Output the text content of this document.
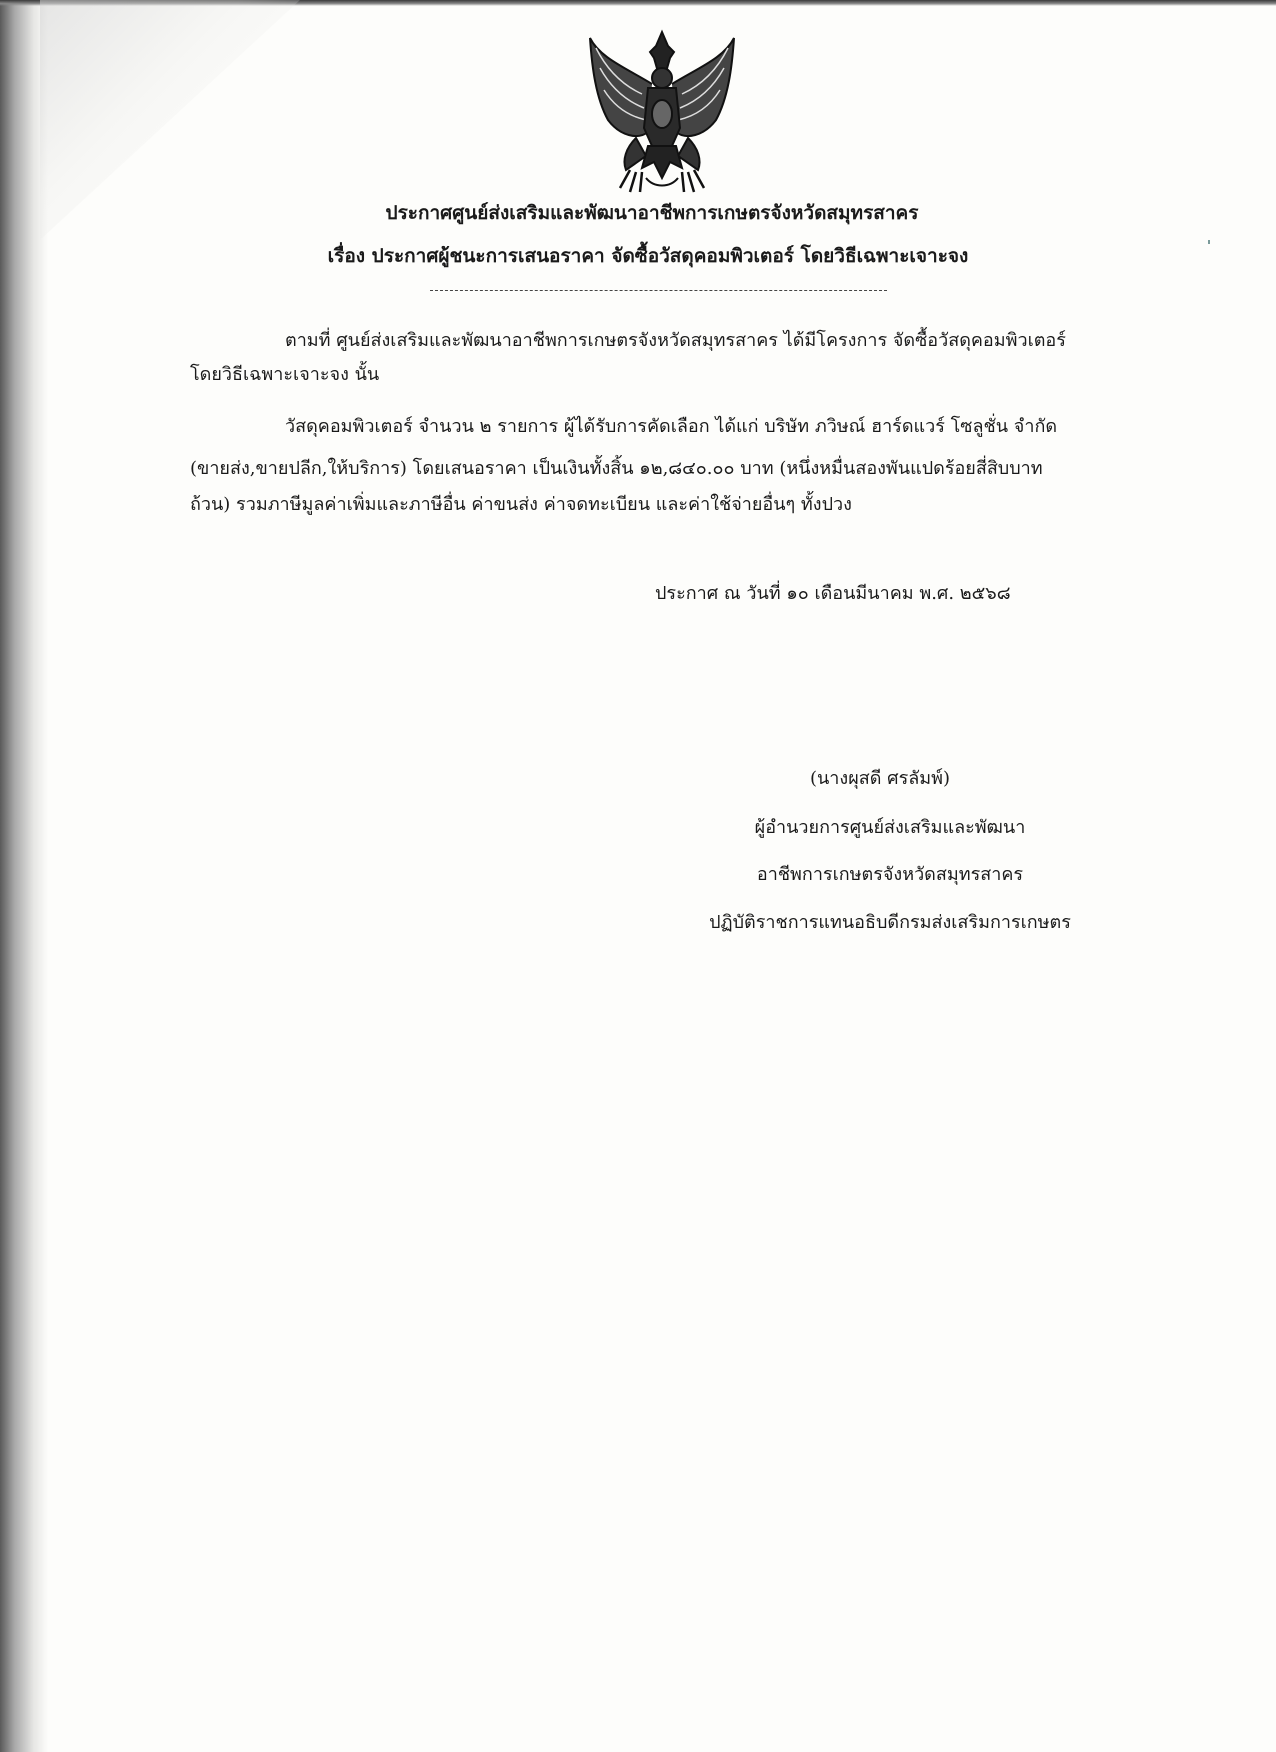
ประกาศศูนย์ส่งเสริมและพัฒนาอาชีพการเกษตรจังหวัดสมุทรสาคร
เรื่อง ประกาศผู้ชนะการเสนอราคา จัดซื้อวัสดุคอมพิวเตอร์ โดยวิธีเฉพาะเจาะจง
ตามที่ ศูนย์ส่งเสริมและพัฒนาอาชีพการเกษตรจังหวัดสมุทรสาคร ได้มีโครงการ จัดซื้อวัสดุคอมพิวเตอร์
โดยวิธีเฉพาะเจาะจง นั้น
วัสดุคอมพิวเตอร์ จำนวน ๒ รายการ ผู้ได้รับการคัดเลือก ได้แก่ บริษัท ภวิษณ์ ฮาร์ดแวร์ โซลูชั่น จำกัด
(ขายส่ง,ขายปลีก,ให้บริการ) โดยเสนอราคา เป็นเงินทั้งสิ้น ๑๒,๘๔๐.๐๐ บาท (หนึ่งหมื่นสองพันแปดร้อยสี่สิบบาท
ถ้วน) รวมภาษีมูลค่าเพิ่มและภาษีอื่น ค่าขนส่ง ค่าจดทะเบียน และค่าใช้จ่ายอื่นๆ ทั้งปวง
ประกาศ ณ วันที่ ๑๐ เดือนมีนาคม พ.ศ. ๒๕๖๘
(นางผุสดี ศรลัมพ์)
ผู้อำนวยการศูนย์ส่งเสริมและพัฒนา
อาชีพการเกษตรจังหวัดสมุทรสาคร
ปฏิบัติราชการแทนอธิบดีกรมส่งเสริมการเกษตร
